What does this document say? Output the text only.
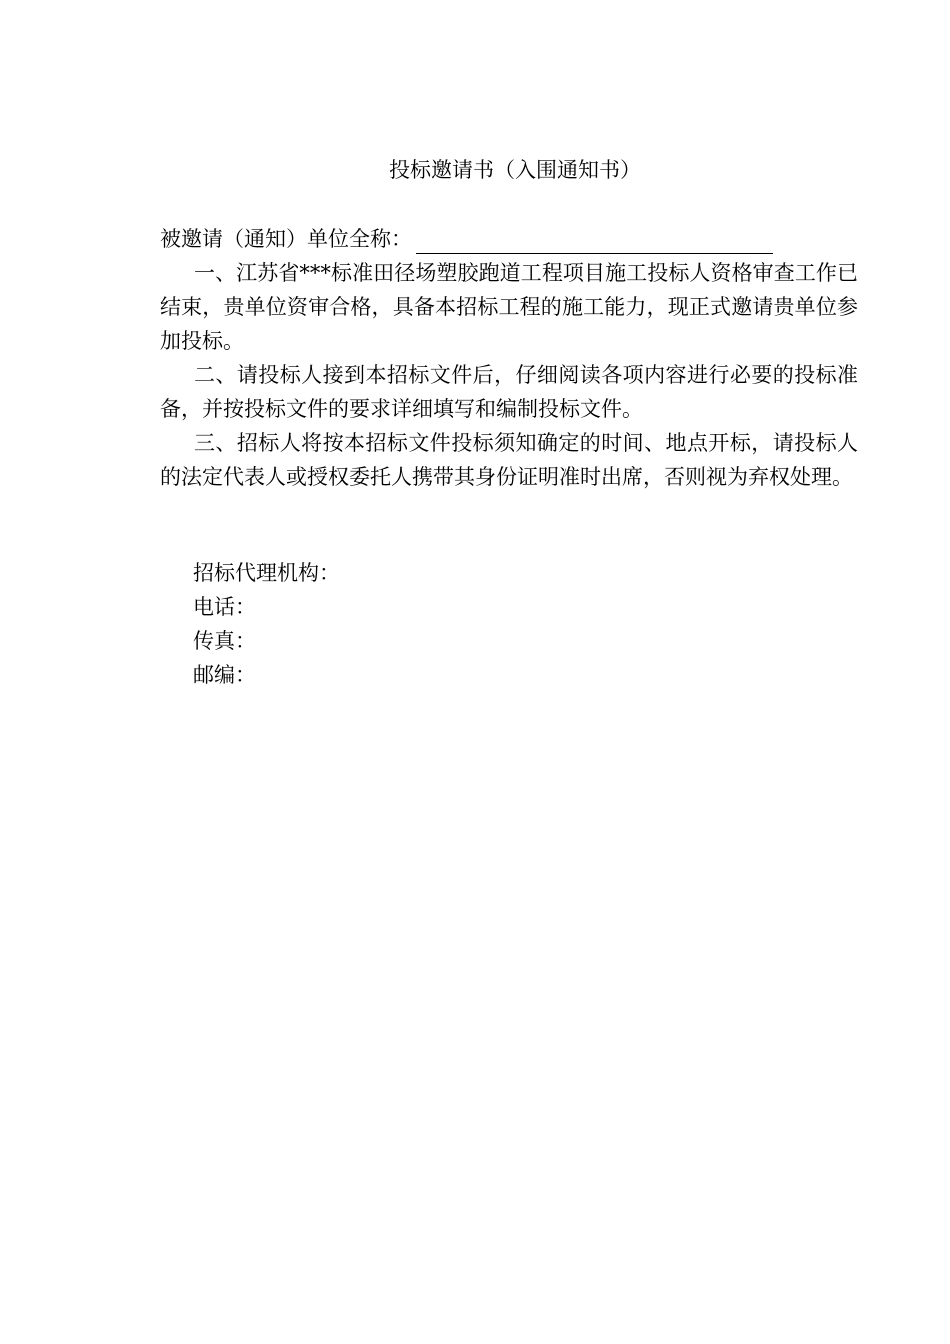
投标邀请书（入围通知书）
被邀请（通知）单位全称：

一、江苏省***标准田径场塑胶跑道工程项目施工投标人资格审查工作已结束，贵单位资审合格，具备本招标工程的施工能力，现正式邀请贵单位参加投标。

二、请投标人接到本招标文件后，仔细阅读各项内容进行必要的投标准备，并按投标文件的要求详细填写和编制投标文件。

三、招标人将按本招标文件投标须知确定的时间、地点开标，请投标人的法定代表人或授权委托人携带其身份证明准时出席，否则视为弃权处理。

招标代理机构：
电话：
传真：
邮编：
